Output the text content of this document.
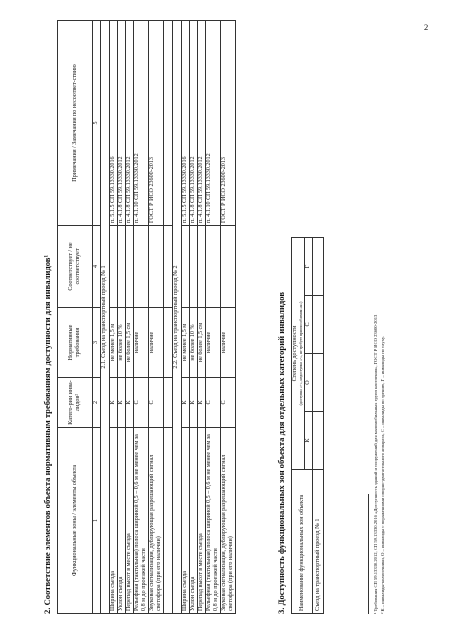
2
2. Соответствие элементов объекта нормативным требованиям доступности для инвалидов¹	Функциональные зоны / элементы объекта	Катего-рии инва-лидов²	Нормативные требования	Соответствует / не соответствует	Примечания / Замечания по несоответ-ствию
1	2	3	4	5
2.1. Съезд на транспортный проезд № 1				
Ширина съезда	К	не менее 1,5 м		п. 5.1.5 СП 59.13330.2016
Уклон съезда	К	не более 10 %		п. 4.1.8 СП 59.13330.2012
Перепад высот в месте съезда	К	не более 1,5 см		п. 4.1.8 СП 59.13330.2012
Рельефная (тактильная) полоса шириной 0,5 – 0,6 м не менее чем за 0,8 м до проезжей части	С	наличие		п. 4.1.10 СП 59.13330.2012
Звуковая сигнализация, дублирующая разрешающий сигнал светофора (при его наличии)	С	наличие		ГОСТ Р ИСО 23600-2013

2.2. Съезд на транспортный проезд № 2				
Ширина съезда	К	не менее 1,5 м		п. 5.1.5 СП 59.13330.2016
Уклон съезда	К	не более 10 %		п. 4.1.8 СП 59.13330.2012
Перепад высот в месте съезда	К	не более 1,5 см		п. 4.1.8 СП 59.13330.2012
Рельефная (тактильная) полоса шириной 0,5 – 0,6 м не менее чем за 0,8 м до проезжей части	С	наличие		п. 4.1.10 СП 59.13330.2012
Звуковая сигнализация, дублирующая разрешающий сигнал светофора (при его наличии)	С	наличие		ГОСТ Р ИСО 23600-2013
3. Доступность функциональных зон объекта для отдельных категорий инвалидов Наименование функциональных зон объекта	Степень доступности (доступна «+», недоступна «-», не требует приспособления «н»)			

	К	О	С	Г
Съезд на транспортный проезд № 1					¹ Требования СП 59.13330.2012, СП 59.13330.2016 «Доступность зданий и сооружений для маломобильных групп населения», ГОСТ Р ИСО 23600-2013 ² К – инвалиды-колясочники, О – инвалиды с поражениями опорно-двигательного аппарата, С – инвалиды по зрению, Г – инвалиды по слуху.
